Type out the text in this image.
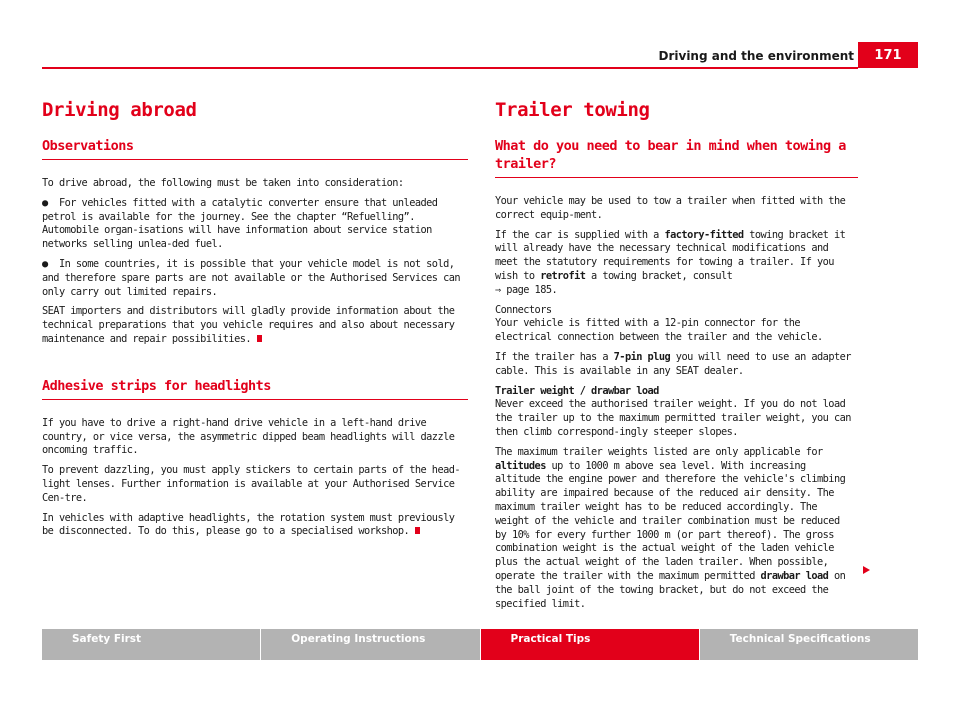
Driving and the environment	171
Driving abroad
Observations

To drive abroad, the following must be taken into consideration:

●  For vehicles fitted with a catalytic converter ensure that unleaded petrol is available for the journey. See the chapter “Refuelling”. Automobile organ-isations will have information about service station networks selling unlea-ded fuel.

●  In some countries, it is possible that your vehicle model is not sold, and therefore spare parts are not available or the Authorised Services can only carry out limited repairs.

SEAT importers and distributors will gladly provide information about the technical preparations that you vehicle requires and also about necessary maintenance and repair possibilities.

Adhesive strips for headlights

If you have to drive a right-hand drive vehicle in a left-hand drive country, or vice versa, the asymmetric dipped beam headlights will dazzle oncoming traffic.

To prevent dazzling, you must apply stickers to certain parts of the head-light lenses. Further information is available at your Authorised Service Cen-tre.

In vehicles with adaptive headlights, the rotation system must previously be disconnected. To do this, please go to a specialised workshop.

Trailer towing
What do you need to bear in mind when towing a trailer?

Your vehicle may be used to tow a trailer when fitted with the correct equip-ment.

If the car is supplied with a factory-fitted towing bracket it will already have the necessary technical modifications and meet the statutory requirements for towing a trailer. If you wish to retrofit a towing bracket, consult
⇒ page 185.

Connectors

Your vehicle is fitted with a 12-pin connector for the electrical connection between the trailer and the vehicle.

If the trailer has a 7-pin plug you will need to use an adapter cable. This is available in any SEAT dealer.

Trailer weight / drawbar load

Never exceed the authorised trailer weight. If you do not load the trailer up to the maximum permitted trailer weight, you can then climb correspond-ingly steeper slopes.

The maximum trailer weights listed are only applicable for altitudes up to 1000 m above sea level. With increasing altitude the engine power and therefore the vehicle's climbing ability are impaired because of the reduced air density. The maximum trailer weight has to be reduced accordingly. The weight of the vehicle and trailer combination must be reduced by 10% for every further 1000 m (or part thereof). The gross combination weight is the actual weight of the laden vehicle plus the actual weight of the laden trailer. When possible, operate the trailer with the maximum permitted drawbar load on the ball joint of the towing bracket, but do not exceed the specified limit.

Safety First	Operating Instructions	Practical Tips	Technical Specifications
